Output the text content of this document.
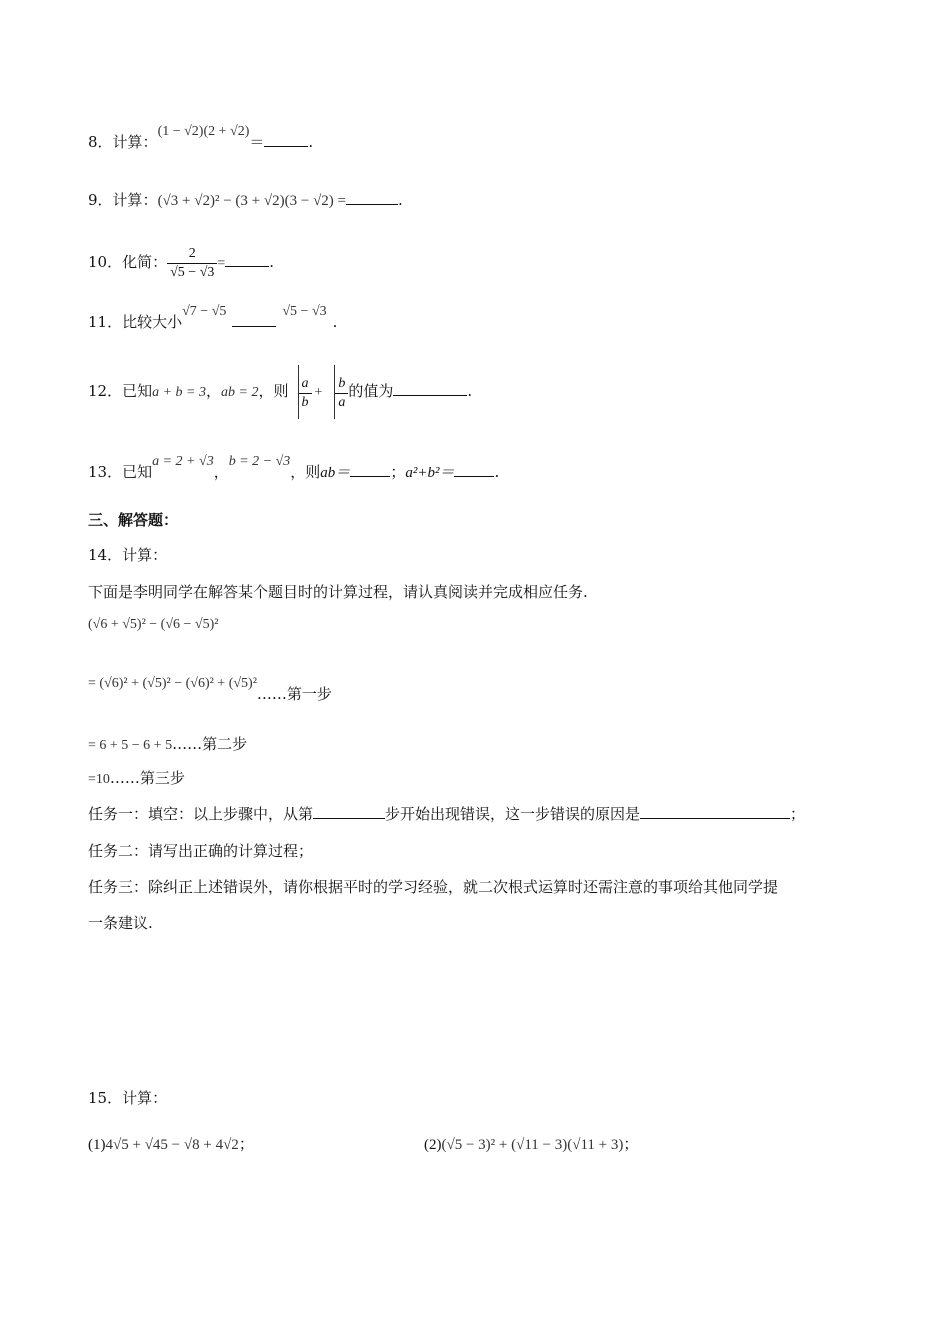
8．计算：(1 − √2)(2 + √2)＝	.
9．计算：(√3 + √2)² − (3 + √2)(3 − √2) =	.
10．化简： $\frac{2}{√5 - √3}$ =	.
11．比较大小√7 − √5	√5 − √3.
12．已知a + b = 3，ab = 2，则 $\frac{a}{b} + \frac{b}{a}$ 的值为	.
13．已知a = 2 + √3，b = 2 − √3，则ab＝	；a²+b²＝	.
三、解答题：
14．计算：
下面是李明同学在解答某个题目时的计算过程，请认真阅读并完成相应任务.
(√6 + √5)² − (√6 − √5)²
= (√6)² + (√5)² − (√6)² + (√5)²……第一步
= 6 + 5 − 6 + 5……第二步
=10……第三步
任务一：填空：以上步骤中，从第	步开始出现错误，这一步错误的原因是	；
任务二：请写出正确的计算过程；
任务三：除纠正上述错误外，请你根据平时的学习经验，就二次根式运算时还需注意的事项给其他同学提
一条建议.
15．计算：
(1)4√5 + √45 − √8 + 4√2；	(2)(√5 − 3)² + (√11 − 3)(√11 + 3)；
